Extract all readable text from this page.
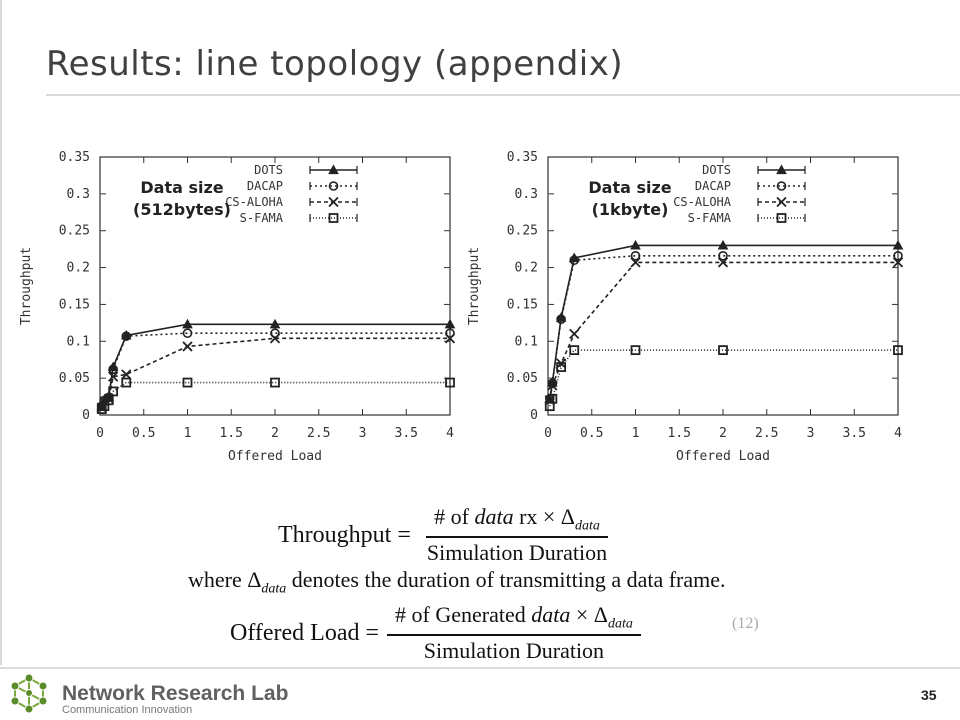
Results: line topology (appendix)
0
0.05
0.1
0.15
0.2
0.25
0.3
0.35
0 0.5 1 1.5 2 2.5 3 3.5 4
Offered Load
Throughput
DOTS
DACAP
CS-ALOHA
S-FAMA
Data size
(512bytes)
0
0.05
0.1
0.15
0.2
0.25
0.3
0.35
0 0.5 1 1.5 2 2.5 3 3.5 4
Offered Load
Throughput
DOTS
DACAP
CS-ALOHA
S-FAMA
Data size
(1kbyte)
Throughput = $\frac{\# of data rx \times \Delta_{data}}{\text{Simulation Duration}}$
where $\Delta_{data}$ denotes the duration of transmitting a data frame.
Offered Load = $\frac{\# of Generated data \times \Delta_{data}}{\text{Simulation Duration}}$	(12)
Network Research Lab
Communication Innovation
35
